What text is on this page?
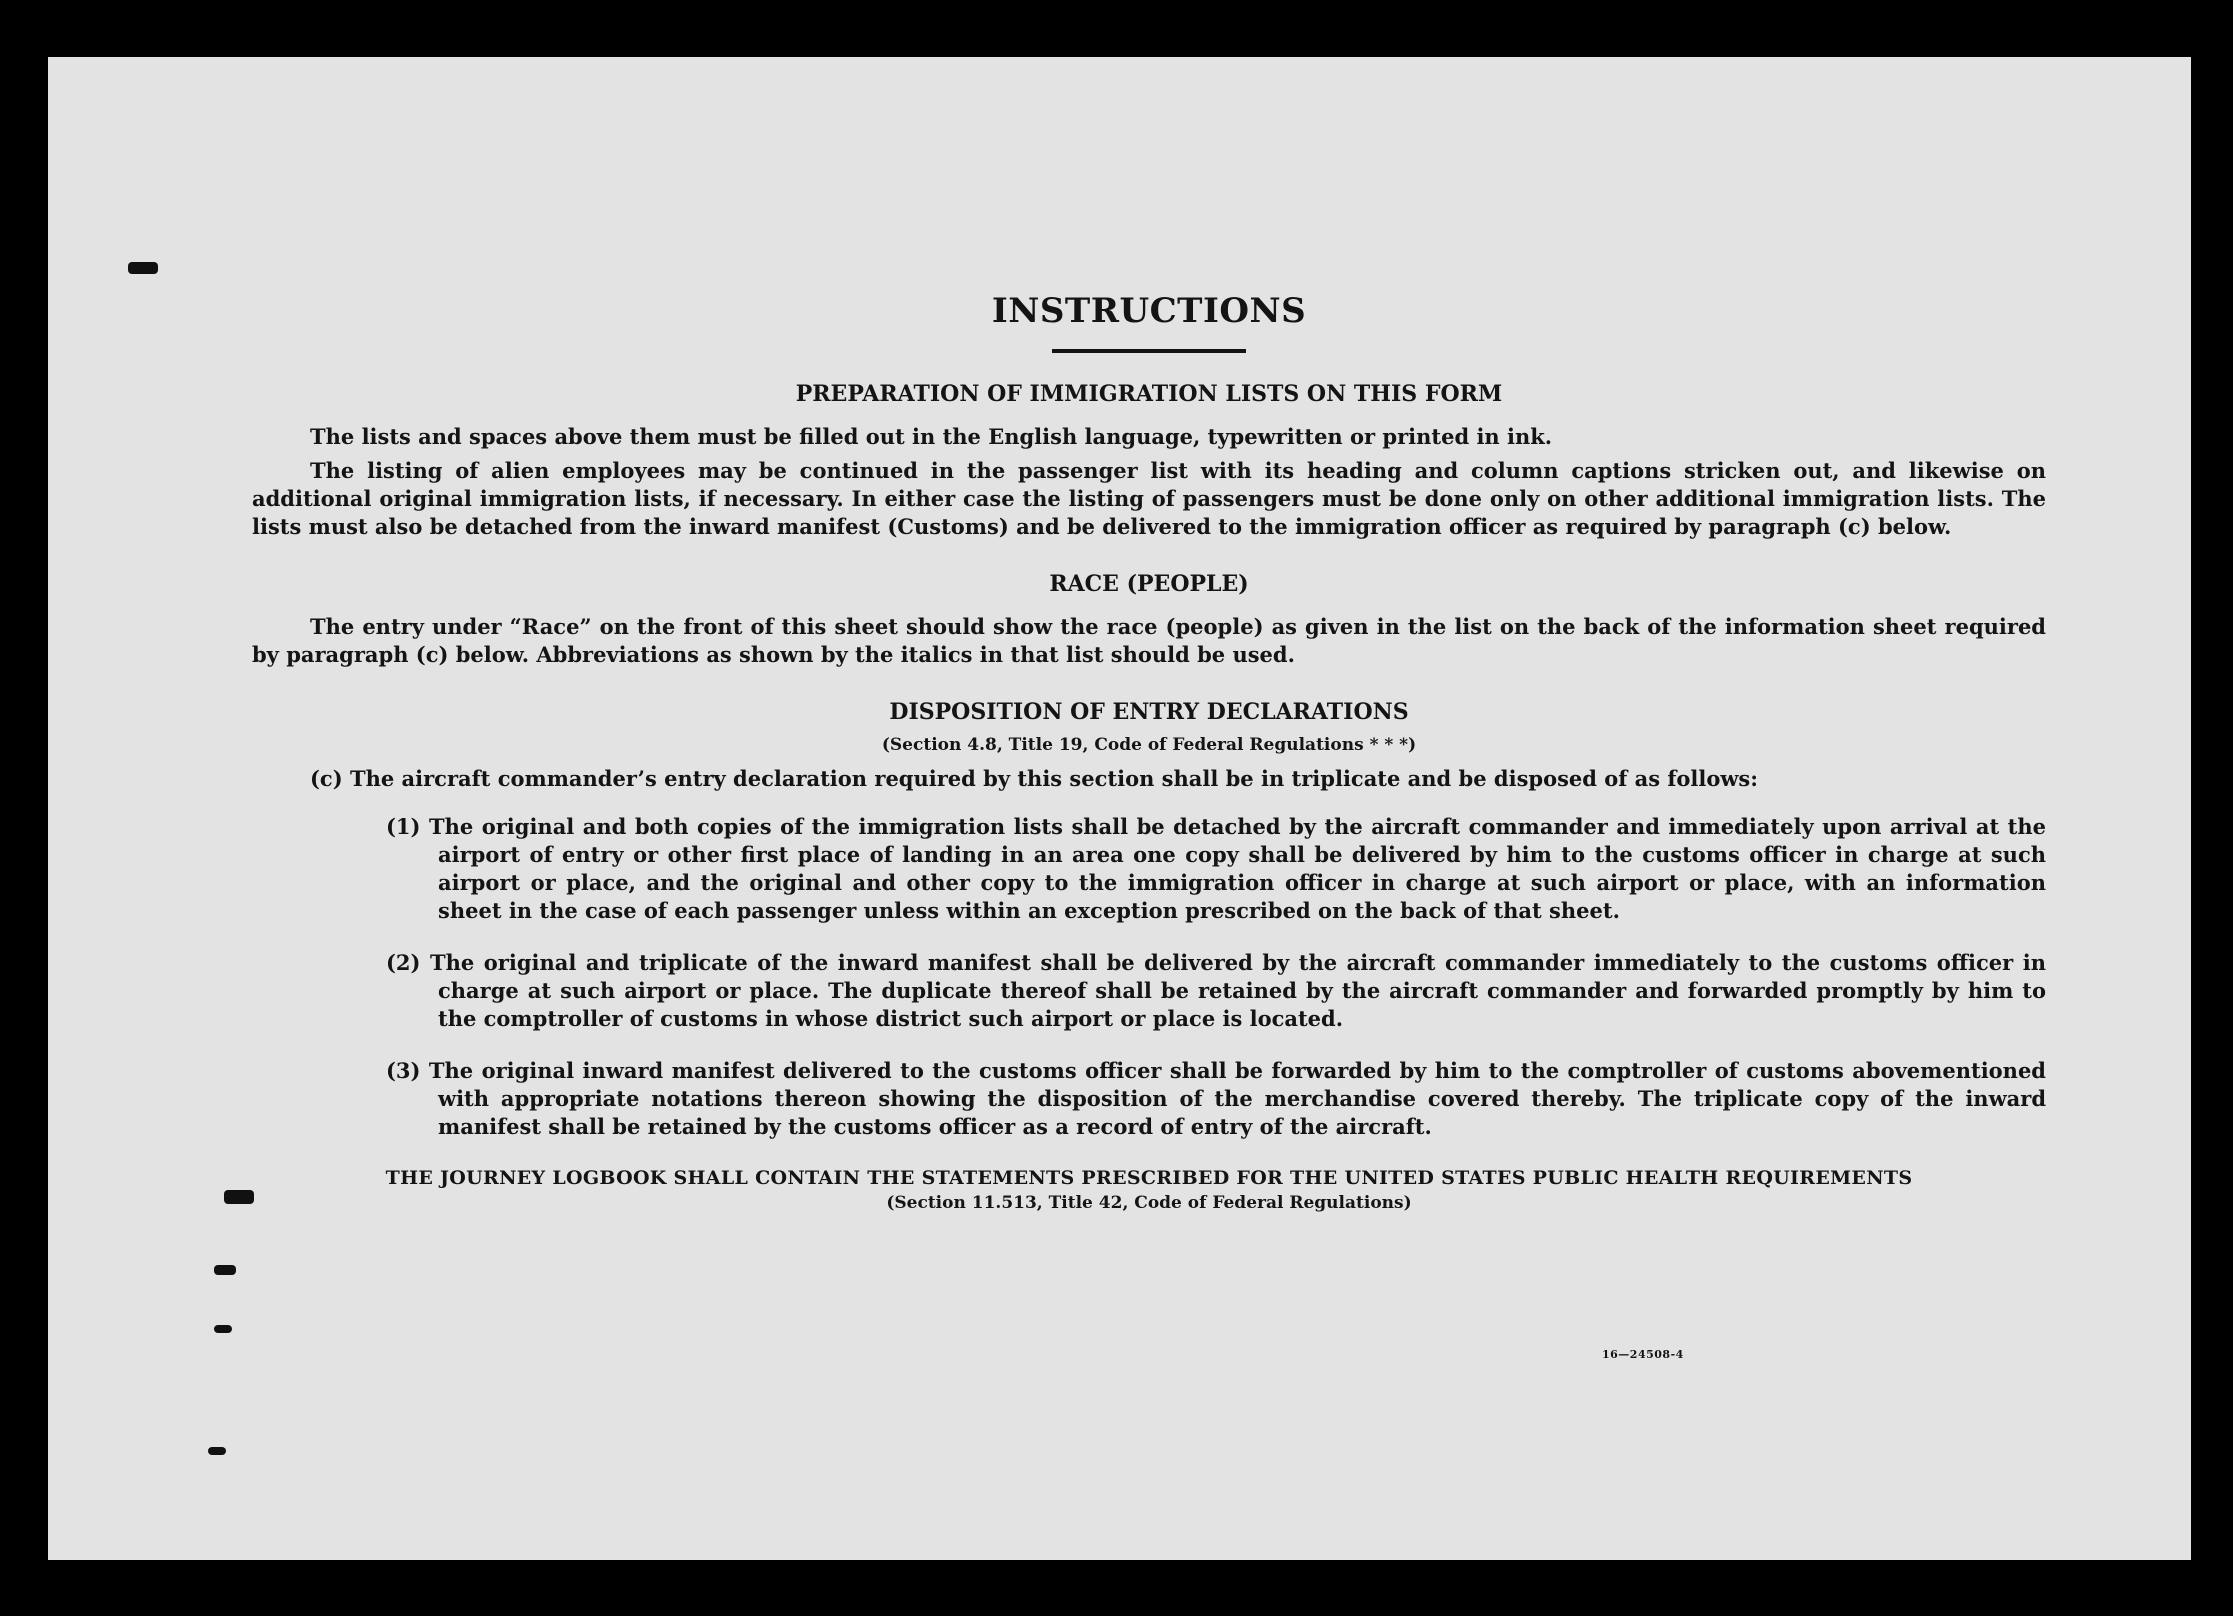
INSTRUCTIONS
PREPARATION OF IMMIGRATION LISTS ON THIS FORM

The lists and spaces above them must be filled out in the English language, typewritten or printed in ink.

The listing of alien employees may be continued in the passenger list with its heading and column captions stricken out, and likewise on additional original immigration lists, if necessary. In either case the listing of passengers must be done only on other additional immigration lists. The lists must also be detached from the inward manifest (Customs) and be delivered to the immigration officer as required by paragraph (c) below.

RACE (PEOPLE)

The entry under “Race” on the front of this sheet should show the race (people) as given in the list on the back of the information sheet required by paragraph (c) below. Abbreviations as shown by the italics in that list should be used.

DISPOSITION OF ENTRY DECLARATIONS
(Section 4.8, Title 19, Code of Federal Regulations * * *)

(c) The aircraft commander’s entry declaration required by this section shall be in triplicate and be disposed of as follows:

(1) The original and both copies of the immigration lists shall be detached by the aircraft commander and immediately upon arrival at the airport of entry or other first place of landing in an area one copy shall be delivered by him to the customs officer in charge at such airport or place, and the original and other copy to the immigration officer in charge at such airport or place, with an information sheet in the case of each passenger unless within an exception prescribed on the back of that sheet.

(2) The original and triplicate of the inward manifest shall be delivered by the aircraft commander immediately to the customs officer in charge at such airport or place. The duplicate thereof shall be retained by the aircraft commander and forwarded promptly by him to the comptroller of customs in whose district such airport or place is located.

(3) The original inward manifest delivered to the customs officer shall be forwarded by him to the comptroller of customs abovementioned with appropriate notations thereon showing the disposition of the merchandise covered thereby. The triplicate copy of the inward manifest shall be retained by the customs officer as a record of entry of the aircraft.

THE JOURNEY LOGBOOK SHALL CONTAIN THE STATEMENTS PRESCRIBED FOR THE UNITED STATES PUBLIC HEALTH REQUIREMENTS
(Section 11.513, Title 42, Code of Federal Regulations)
16—24508-4
